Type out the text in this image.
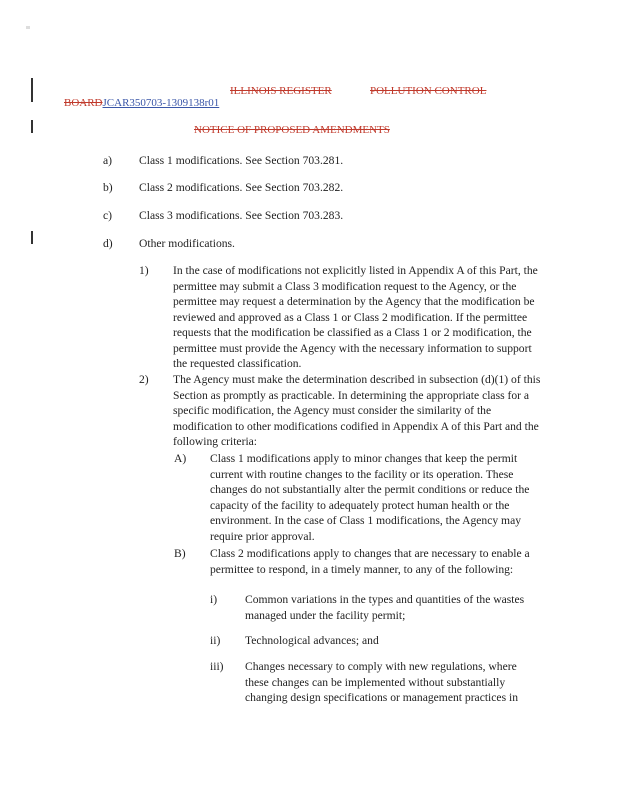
ILLINOIS REGISTER	POLLUTION CONTROL
BOARDJCAR350703-1309138r01
NOTICE OF PROPOSED AMENDMENTS
a) Class 1 modifications. See Section 703.281.
b) Class 2 modifications. See Section 703.282.
c) Class 3 modifications. See Section 703.283.
d) Other modifications.
1) In the case of modifications not explicitly listed in Appendix A of this Part, the permittee may submit a Class 3 modification request to the Agency, or the permittee may request a determination by the Agency that the modification be reviewed and approved as a Class 1 or Class 2 modification. If the permittee requests that the modification be classified as a Class 1 or 2 modification, the permittee must provide the Agency with the necessary information to support the requested classification.
2) The Agency must make the determination described in subsection (d)(1) of this Section as promptly as practicable. In determining the appropriate class for a specific modification, the Agency must consider the similarity of the modification to other modifications codified in Appendix A of this Part and the following criteria:
A) Class 1 modifications apply to minor changes that keep the permit current with routine changes to the facility or its operation. These changes do not substantially alter the permit conditions or reduce the capacity of the facility to adequately protect human health or the environment. In the case of Class 1 modifications, the Agency may require prior approval.
B) Class 2 modifications apply to changes that are necessary to enable a permittee to respond, in a timely manner, to any of the following:
i) Common variations in the types and quantities of the wastes managed under the facility permit;
ii) Technological advances; and
iii) Changes necessary to comply with new regulations, where these changes can be implemented without substantially changing design specifications or management practices in
